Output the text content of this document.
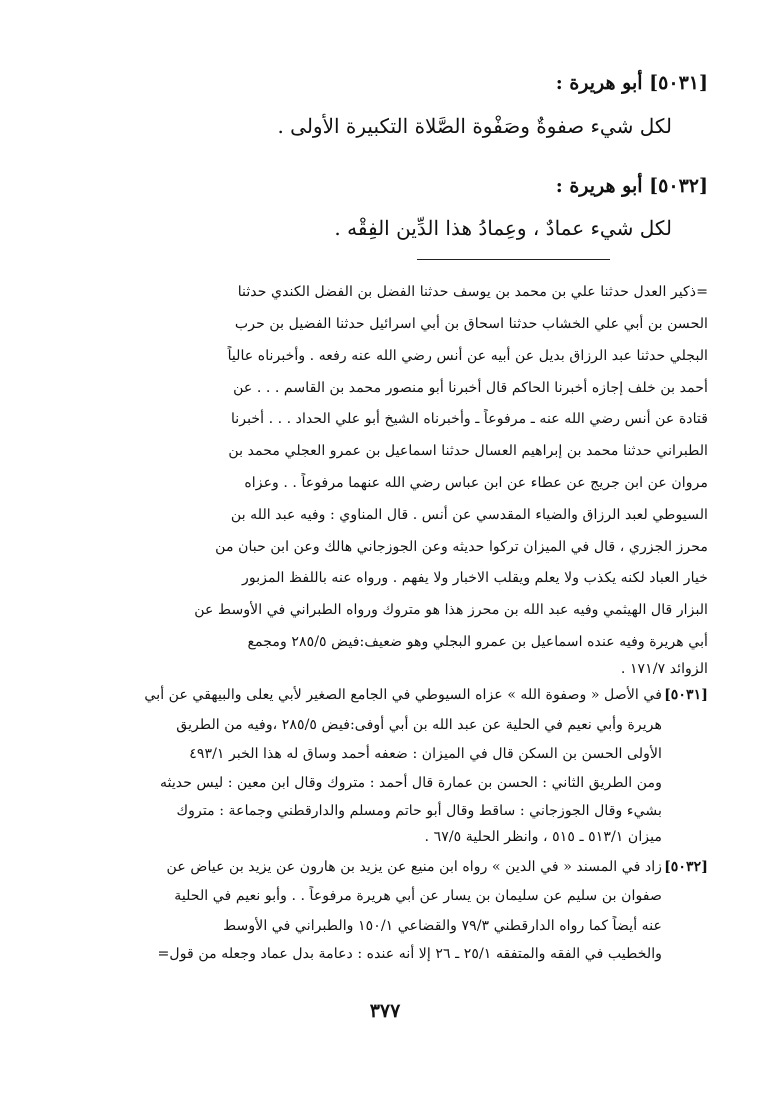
[٥٠٣١] أبو هريرة :
لكل شيء صفوةٌ وصَفْوة الصَّلاة التكبيرة الأولى .
[٥٠٣٢] أبو هريرة :
لكل شيء عمادٌ ، وعِمادُ هذا الدِّين الفِقْه .
=ذكير العدل حدثنا علي بن محمد بن يوسف حدثنا الفضل بن الفضل الكندي حدثنا
الحسن بن أبي علي الخشاب حدثنا اسحاق بن أبي اسرائيل حدثنا الفضيل بن حرب
البجلي حدثنا عبد الرزاق بديل عن أبيه عن أنس رضي الله عنه رفعه . وأخبرناه عالياً
أحمد بن خلف إجازه أخبرنا الحاكم قال أخبرنا أبو منصور محمد بن القاسم . . . عن
قتادة عن أنس رضي الله عنه ـ مرفوعاً ـ وأخبرناه الشيخ أبو علي الحداد . . . أخبرنا
الطبراني حدثنا محمد بن إبراهيم العسال حدثنا اسماعيل بن عمرو العجلي محمد بن
مروان عن ابن جريج عن عطاء عن ابن عباس رضي الله عنهما مرفوعاً . . وعزاه
السيوطي لعبد الرزاق والضياء المقدسي عن أنس . قال المناوي : وفيه عبد الله بن
محرز الجزري ، قال في الميزان تركوا حديثه وعن الجوزجاني هالك وعن ابن حبان من
خيار العباد لكنه يكذب ولا يعلم ويقلب الاخبار ولا يفهم . ورواه عنه باللفظ المزبور
البزار قال الهيثمي وفيه عبد الله بن محرز هذا هو متروك ورواه الطبراني في الأوسط عن
أبي هريرة وفيه عنده اسماعيل بن عمرو البجلي وهو ضعيف:فيض ٢٨٥/٥ ومجمع
الزوائد ١٧١/٧ .
[٥٠٣١]
في الأصل « وصفوة الله » عزاه السيوطي في الجامع الصغير لأبي يعلى والبيهقي عن أبي
هريرة وأبي نعيم في الحلية عن عبد الله بن أبي أوفى:فيض ٢٨٥/٥ ،وفيه من الطريق
الأولى الحسن بن السكن قال في الميزان : ضعفه أحمد وساق له هذا الخبر ٤٩٣/١
ومن الطريق الثاني : الحسن بن عمارة قال أحمد : متروك وقال ابن معين : ليس حديثه
بشيء وقال الجوزجاني : ساقط وقال أبو حاتم ومسلم والدارقطني وجماعة : متروك
ميزان ٥١٣/١ ـ ٥١٥ ، وانظر الحلية ٦٧/٥ .
[٥٠٣٢]
زاد في المسند « في الدين » رواه ابن منيع عن يزيد بن هارون عن يزيد بن عياض عن
صفوان بن سليم عن سليمان بن يسار عن أبي هريرة مرفوعاً . . وأبو نعيم في الحلية
عنه أيضاً كما رواه الدارقطني ٧٩/٣ والقضاعي ١٥٠/١ والطبراني في الأوسط
والخطيب في الفقه والمتفقه ٢٥/١ ـ ٢٦ إلا أنه عنده : دعامة بدل عماد وجعله من قول=
٣٧٧
